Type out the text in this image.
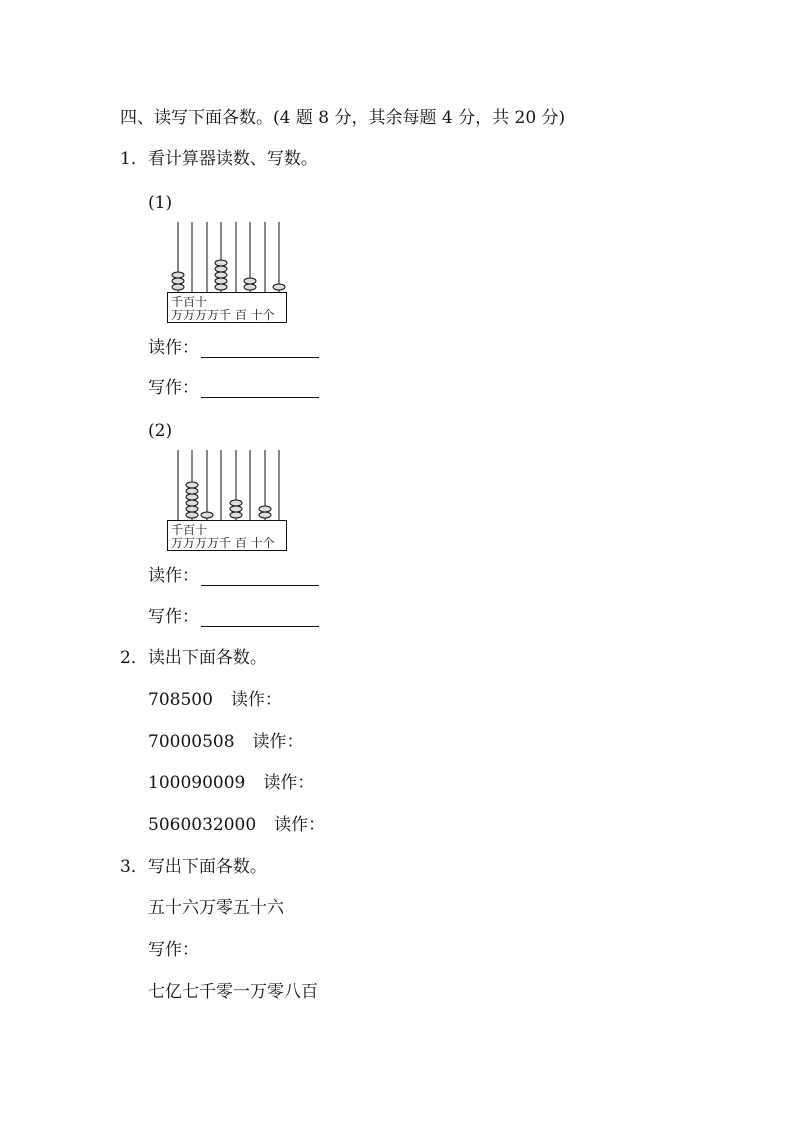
四、读写下面各数。(4 题 8 分，其余每题 4 分，共 20 分)
1．看计算器读数、写数。
(1)
千百十
万万万万千 百 十个
读作：
写作：
(2)
千百十
万万万万千 百 十个
读作：
写作：
2．读出下面各数。
708500 读作：
70000508 读作：
100090009 读作：
5060032000 读作：
3．写出下面各数。
五十六万零五十六
写作：
七亿七千零一万零八百
